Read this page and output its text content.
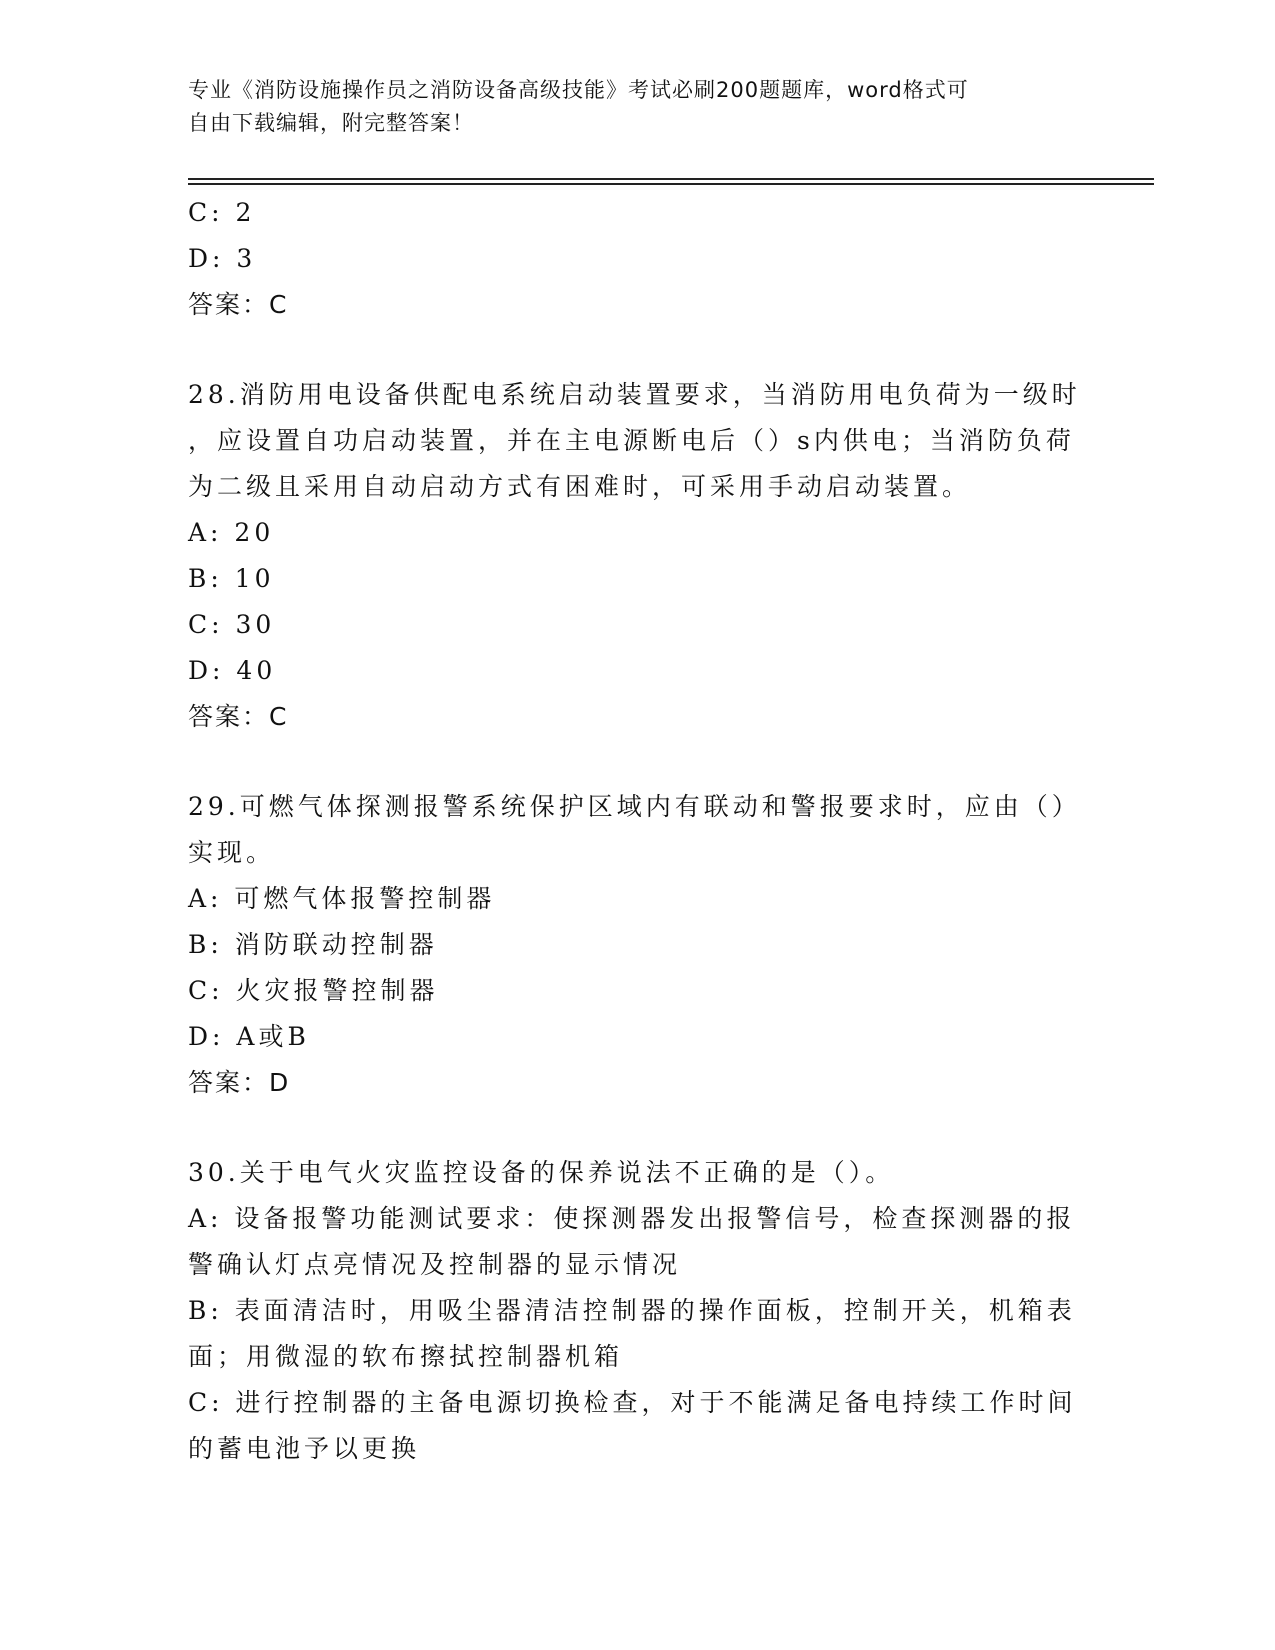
专业《消防设施操作员之消防设备高级技能》考试必刷200题题库，word格式可
自由下载编辑，附完整答案！
C: 2
D: 3
答案：C
28.消防用电设备供配电系统启动装置要求，当消防用电负荷为一级时
，应设置自功启动装置，并在主电源断电后（）s内供电；当消防负荷
为二级且采用自动启动方式有困难时，可采用手动启动装置。
A: 20
B: 10
C: 30
D: 40
答案：C
29.可燃气体探测报警系统保护区域内有联动和警报要求时，应由（）
实现。
A: 可燃气体报警控制器
B: 消防联动控制器
C: 火灾报警控制器
D: A或B
答案：D
30.关于电气火灾监控设备的保养说法不正确的是（）。
A: 设备报警功能测试要求：使探测器发出报警信号，检查探测器的报
警确认灯点亮情况及控制器的显示情况
B: 表面清洁时，用吸尘器清洁控制器的操作面板，控制开关，机箱表
面；用微湿的软布擦拭控制器机箱
C: 进行控制器的主备电源切换检查，对于不能满足备电持续工作时间
的蓄电池予以更换
